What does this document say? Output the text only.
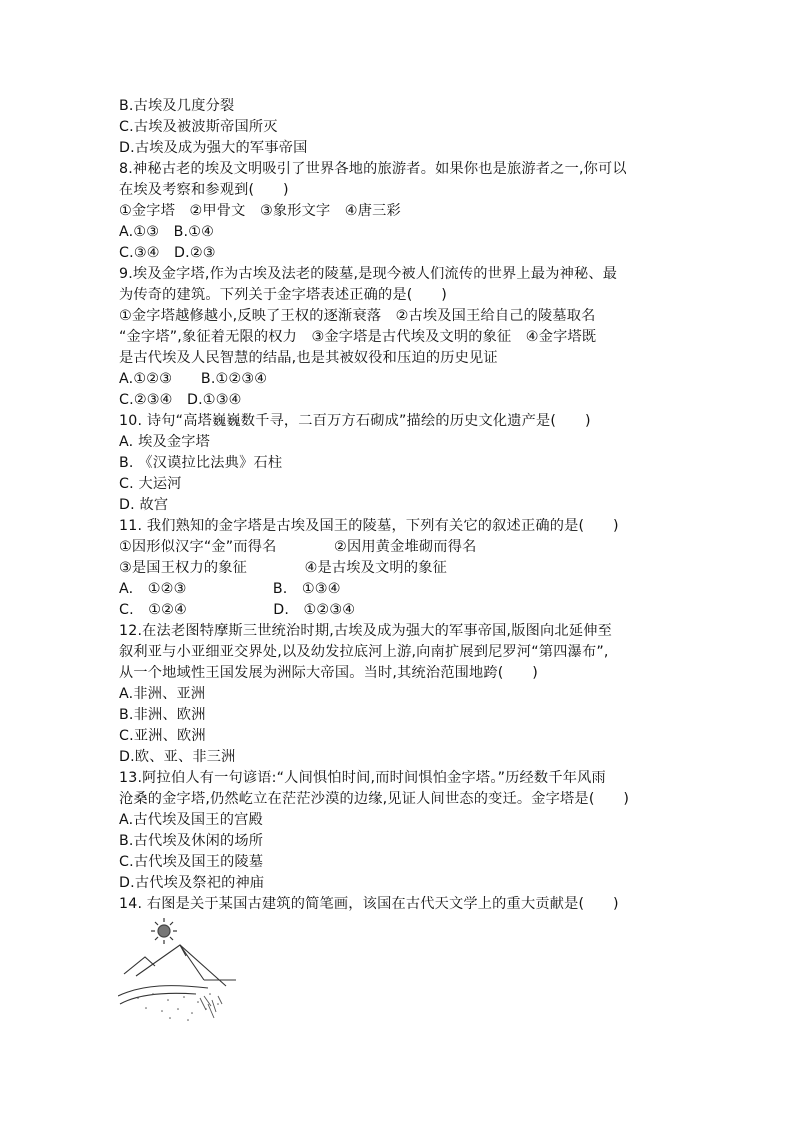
B.古埃及几度分裂
C.古埃及被波斯帝国所灭
D.古埃及成为强大的军事帝国
8.神秘古老的埃及文明吸引了世界各地的旅游者。如果你也是旅游者之一,你可以
在埃及考察和参观到(　　)
①金字塔　②甲骨文　③象形文字　④唐三彩
A.①③　B.①④
C.③④　D.②③
9.埃及金字塔,作为古埃及法老的陵墓,是现今被人们流传的世界上最为神秘、最
为传奇的建筑。下列关于金字塔表述正确的是(　　)
①金字塔越修越小,反映了王权的逐渐衰落　②古埃及国王给自己的陵墓取名
“金字塔”,象征着无限的权力　③金字塔是古代埃及文明的象征　④金字塔既
是古代埃及人民智慧的结晶,也是其被奴役和压迫的历史见证
A.①②③　　B.①②③④
C.②③④　D.①③④
10. 诗句“高塔巍巍数千寻，二百万方石砌成”描绘的历史文化遗产是(　　)
A. 埃及金字塔
B. 《汉谟拉比法典》石柱
C. 大运河
D. 故宫
11. 我们熟知的金字塔是古埃及国王的陵墓，下列有关它的叙述正确的是(　　)
①因形似汉字“金”而得名　　　　②因用黄金堆砌而得名
③是国王权力的象征　　　　④是古埃及文明的象征
A.　①②③　　　　　　B.　①③④
C.　①②④　　　　　　D.　①②③④
12.在法老图特摩斯三世统治时期,古埃及成为强大的军事帝国,版图向北延伸至
叙利亚与小亚细亚交界处,以及幼发拉底河上游,向南扩展到尼罗河“第四瀑布”,
从一个地域性王国发展为洲际大帝国。当时,其统治范围地跨(　　)
A.非洲、亚洲
B.非洲、欧洲
C.亚洲、欧洲
D.欧、亚、非三洲
13.阿拉伯人有一句谚语:“人间惧怕时间,而时间惧怕金字塔。”历经数千年风雨
沧桑的金字塔,仍然屹立在茫茫沙漠的边缘,见证人间世态的变迁。金字塔是(　　)
A.古代埃及国王的宫殿
B.古代埃及休闲的场所
C.古代埃及国王的陵墓
D.古代埃及祭祀的神庙
14. 右图是关于某国古建筑的简笔画，该国在古代天文学上的重大贡献是(　　)
